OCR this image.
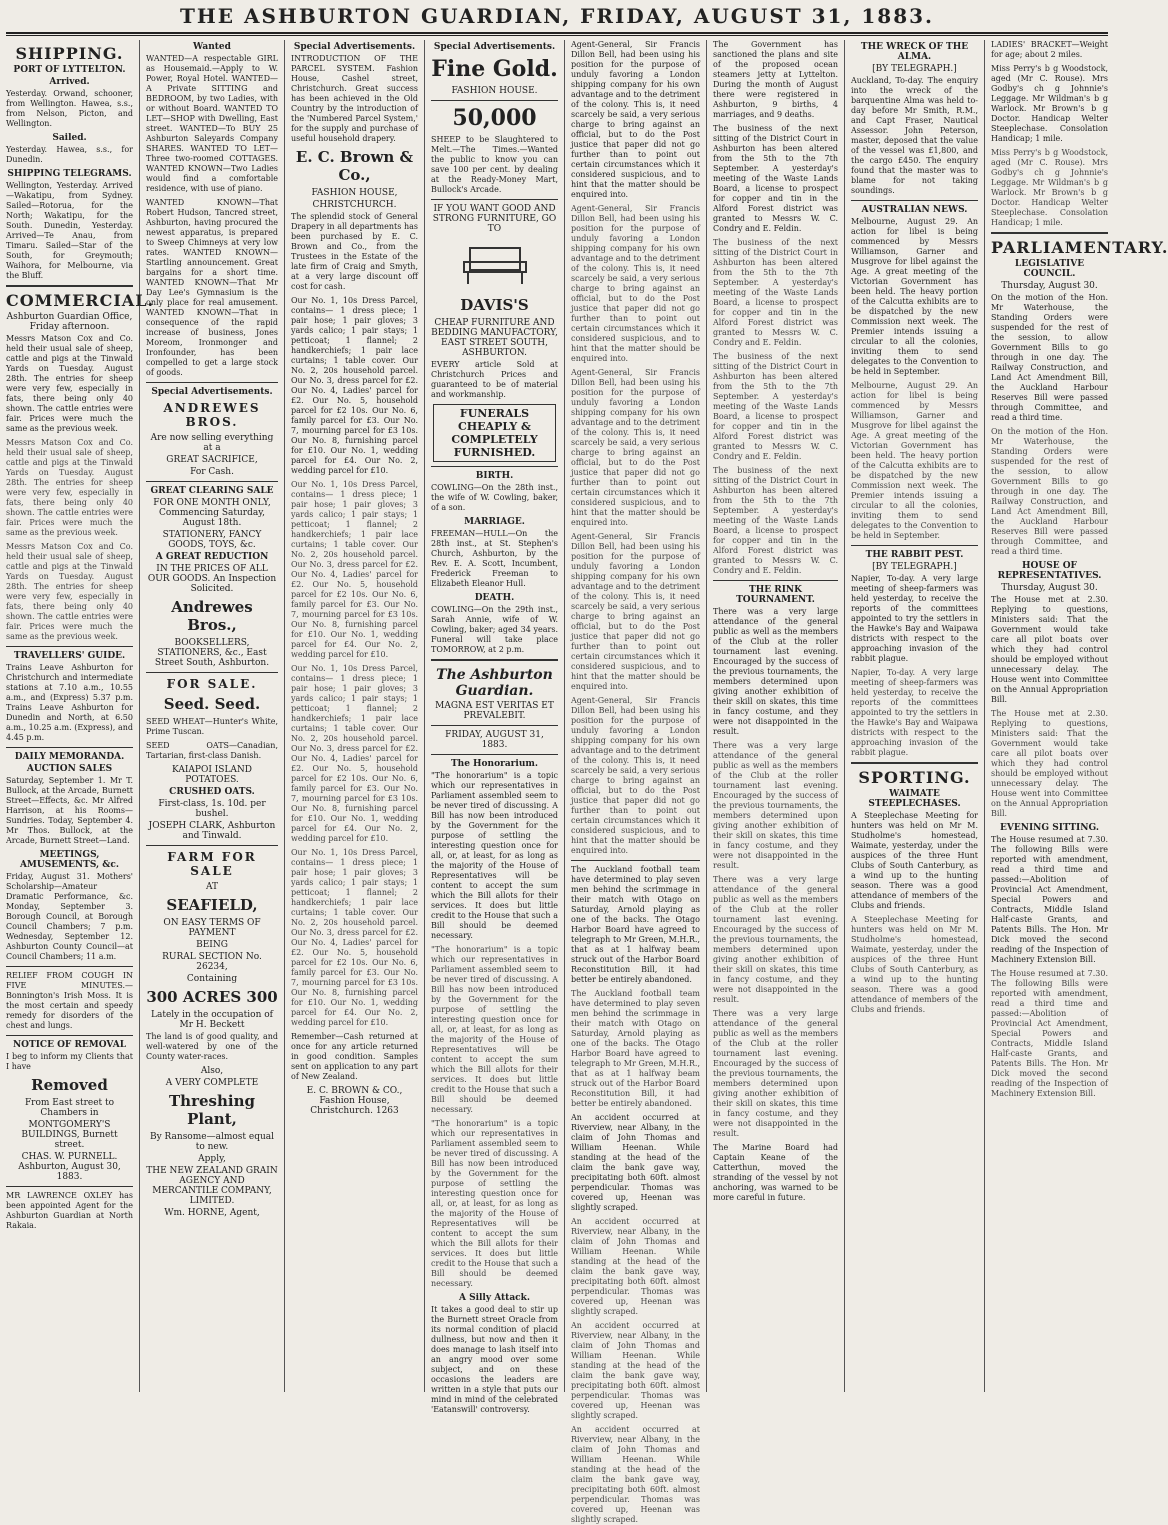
THE ASHBURTON GUARDIAN, FRIDAY, AUGUST 31, 1883.
SHIPPING.
PORT OF LYTTELTON.
Arrived.

Yesterday. Orwand, schooner, from Wellington. Hawea, s.s., from Nelson, Picton, and Wellington.

Sailed.

Yesterday. Hawea, s.s., for Dunedin.

SHIPPING TELEGRAMS.

Wellington, Yesterday. Arrived—Wakatipu, from Sydney. Sailed—Rotorua, for the North; Wakatipu, for the South. Dunedin, Yesterday. Arrived—Te Anau, from Timaru. Sailed—Star of the South, for Greymouth; Waihora, for Melbourne, via the Bluff.

COMMERCIAL.
Ashburton Guardian Office, Friday afternoon.

Messrs Matson Cox and Co. held their usual sale of sheep, cattle and pigs at the Tinwald Yards on Tuesday. August 28th. The entries for sheep were very few, especially in fats, there being only 40 shown. The cattle entries were fair. Prices were much the same as the previous week.

Messrs Matson Cox and Co. held their usual sale of sheep, cattle and pigs at the Tinwald Yards on Tuesday. August 28th. The entries for sheep were very few, especially in fats, there being only 40 shown. The cattle entries were fair. Prices were much the same as the previous week.

Messrs Matson Cox and Co. held their usual sale of sheep, cattle and pigs at the Tinwald Yards on Tuesday. August 28th. The entries for sheep were very few, especially in fats, there being only 40 shown. The cattle entries were fair. Prices were much the same as the previous week.

TRAVELLERS' GUIDE.

Trains Leave Ashburton for Christchurch and intermediate stations at 7.10 a.m., 10.55 a.m., and (Express) 5.37 p.m. Trains Leave Ashburton for Dunedin and North, at 6.50 a.m., 10.25 a.m. (Express), and 4.45 p.m.

DAILY MEMORANDA.
AUCTION SALES

Saturday, September 1. Mr T. Bullock, at the Arcade, Burnett Street—Effects, &c. Mr Alfred Harrison, at his Rooms—Sundries. Today, September 4. Mr Thos. Bullock, at the Arcade, Burnett Street—Land.

MEETINGS, AMUSEMENTS, &c.

Friday, August 31. Mothers' Scholarship—Amateur Dramatic Performance, &c. Monday, September 3. Borough Council, at Borough Council Chambers; 7 p.m. Wednesday, September 12. Ashburton County Council—at Council Chambers; 11 a.m.

RELIEF FROM COUGH IN FIVE MINUTES.—Bonnington's Irish Moss. It is the most certain and speedy remedy for disorders of the chest and lungs.

NOTICE OF REMOVAL

I beg to inform my Clients that I have

Removed
From East street to Chambers in
MONTGOMERY'S BUILDINGS, Burnett street.
CHAS. W. PURNELL. Ashburton, August 30, 1883.

MR LAWRENCE OXLEY has been appointed Agent for the Ashburton Guardian at North Rakaia.

Wanted

WANTED—A respectable GIRL as Housemaid.—Apply to W. Power, Royal Hotel. WANTED—A Private SITTING and BEDROOM, by two Ladies, with or without Board. WANTED TO LET—SHOP with Dwelling, East street. WANTED—To BUY 25 Ashburton Saleyards Company SHARES. WANTED TO LET—Three two-roomed COTTAGES. WANTED KNOWN—Two Ladies would find a comfortable residence, with use of piano.

WANTED KNOWN—That Robert Hudson, Tancred street, Ashburton, having procured the newest apparatus, is prepared to Sweep Chimneys at very low rates. WANTED KNOWN—Startling announcement. Great bargains for a short time. WANTED KNOWN—That Mr Day Lee's Gymnasium is the only place for real amusement. WANTED KNOWN—That in consequence of the rapid increase of business, Jones Moreom, Ironmonger and Ironfounder, has been compelled to get a large stock of goods.

Special Advertisements.
ANDREWES BROS.
Are now selling everything at a
GREAT SACRIFICE,
For Cash.
GREAT CLEARING SALE
FOR ONE MONTH ONLY, Commencing Saturday, August 18th.
STATIONERY, FANCY GOODS, TOYS, &c.
A GREAT REDUCTION
IN THE PRICES OF ALL OUR GOODS. An Inspection Solicited.
Andrewes Bros.,
BOOKSELLERS, STATIONERS, &c., East Street South, Ashburton.
FOR SALE.
Seed. Seed.

SEED WHEAT—Hunter's White, Prime Tuscan.

SEED OATS—Canadian, Tartarian, first-class Danish.

KAIAPOI ISLAND POTATOES.
CRUSHED OATS.
First-class, 1s. 10d. per bushel.
JOSEPH CLARK, Ashburton and Tinwald.
FARM FOR SALE
AT
SEAFIELD,
ON EASY TERMS OF PAYMENT
BEING
RURAL SECTION No. 26234,
Containing
300 ACRES 300
Lately in the occupation of Mr H. Beckett

The land is of good quality, and well-watered by one of the County water-races.

Also,
A VERY COMPLETE
Threshing Plant,
By Ransome—almost equal to new.
Apply,
THE NEW ZEALAND GRAIN AGENCY AND MERCANTILE COMPANY, LIMITED.
Wm. HORNE, Agent,
Special Advertisements.

INTRODUCTION OF THE PARCEL SYSTEM. Fashion House, Cashel street, Christchurch. Great success has been achieved in the Old Country by the introduction of the 'Numbered Parcel System,' for the supply and purchase of useful household drapery.

E. C. Brown & Co.,
FASHION HOUSE,
CHRISTCHURCH.

The splendid stock of General Drapery in all departments has been purchased by E. C. Brown and Co., from the Trustees in the Estate of the late firm of Craig and Smyth, at a very large discount off cost for cash.

Our No. 1, 10s Dress Parcel, contains— 1 dress piece; 1 pair hose; 1 pair gloves; 3 yards calico; 1 pair stays; 1 petticoat; 1 flannel; 2 handkerchiefs; 1 pair lace curtains; 1 table cover. Our No. 2, 20s household parcel. Our No. 3, dress parcel for £2. Our No. 4, Ladies' parcel for £2. Our No. 5, household parcel for £2 10s. Our No. 6, family parcel for £3. Our No. 7, mourning parcel for £3 10s. Our No. 8, furnishing parcel for £10. Our No. 1, wedding parcel for £4. Our No. 2, wedding parcel for £10.

Our No. 1, 10s Dress Parcel, contains— 1 dress piece; 1 pair hose; 1 pair gloves; 3 yards calico; 1 pair stays; 1 petticoat; 1 flannel; 2 handkerchiefs; 1 pair lace curtains; 1 table cover. Our No. 2, 20s household parcel. Our No. 3, dress parcel for £2. Our No. 4, Ladies' parcel for £2. Our No. 5, household parcel for £2 10s. Our No. 6, family parcel for £3. Our No. 7, mourning parcel for £3 10s. Our No. 8, furnishing parcel for £10. Our No. 1, wedding parcel for £4. Our No. 2, wedding parcel for £10.

Our No. 1, 10s Dress Parcel, contains— 1 dress piece; 1 pair hose; 1 pair gloves; 3 yards calico; 1 pair stays; 1 petticoat; 1 flannel; 2 handkerchiefs; 1 pair lace curtains; 1 table cover. Our No. 2, 20s household parcel. Our No. 3, dress parcel for £2. Our No. 4, Ladies' parcel for £2. Our No. 5, household parcel for £2 10s. Our No. 6, family parcel for £3. Our No. 7, mourning parcel for £3 10s. Our No. 8, furnishing parcel for £10. Our No. 1, wedding parcel for £4. Our No. 2, wedding parcel for £10.

Our No. 1, 10s Dress Parcel, contains— 1 dress piece; 1 pair hose; 1 pair gloves; 3 yards calico; 1 pair stays; 1 petticoat; 1 flannel; 2 handkerchiefs; 1 pair lace curtains; 1 table cover. Our No. 2, 20s household parcel. Our No. 3, dress parcel for £2. Our No. 4, Ladies' parcel for £2. Our No. 5, household parcel for £2 10s. Our No. 6, family parcel for £3. Our No. 7, mourning parcel for £3 10s. Our No. 8, furnishing parcel for £10. Our No. 1, wedding parcel for £4. Our No. 2, wedding parcel for £10.

Remember—Cash returned at once for any article returned in good condition. Samples sent on application to any part of New Zealand.

E. C. BROWN & CO., Fashion House, Christchurch. 1263
Special Advertisements.
Fine Gold.
FASHION HOUSE.
50,000

SHEEP to be Slaughtered to Melt.—The Times.—Wanted the public to know you can save 100 per cent. by dealing at the Ready-Money Mart, Bullock's Arcade.

IF YOU WANT GOOD AND STRONG FURNITURE, GO TO
DAVIS'S
CHEAP FURNITURE AND BEDDING MANUFACTORY, EAST STREET SOUTH, ASHBURTON.

EVERY article Sold at Christchurch Prices and guaranteed to be of material and workmanship.

FUNERALS CHEAPLY & COMPLETELY FURNISHED.
BIRTH.

COWLING—On the 28th inst., the wife of W. Cowling, baker, of a son.

MARRIAGE.

FREEMAN—HULL—On the 28th inst., at St. Stephen's Church, Ashburton, by the Rev. E. A. Scott, Incumbent, Frederick Freeman to Elizabeth Eleanor Hull.

DEATH.

COWLING—On the 29th inst., Sarah Annie, wife of W. Cowling, baker; aged 34 years. Funeral will take place TOMORROW, at 2 p.m.

The Ashburton Guardian.
MAGNA EST VERITAS ET PREVALEBIT.
FRIDAY, AUGUST 31, 1883.
The Honorarium.

"The honorarium" is a topic which our representatives in Parliament assembled seem to be never tired of discussing. A Bill has now been introduced by the Government for the purpose of settling the interesting question once for all, or, at least, for as long as the majority of the House of Representatives will be content to accept the sum which the Bill allots for their services. It does but little credit to the House that such a Bill should be deemed necessary.

"The honorarium" is a topic which our representatives in Parliament assembled seem to be never tired of discussing. A Bill has now been introduced by the Government for the purpose of settling the interesting question once for all, or, at least, for as long as the majority of the House of Representatives will be content to accept the sum which the Bill allots for their services. It does but little credit to the House that such a Bill should be deemed necessary.

"The honorarium" is a topic which our representatives in Parliament assembled seem to be never tired of discussing. A Bill has now been introduced by the Government for the purpose of settling the interesting question once for all, or, at least, for as long as the majority of the House of Representatives will be content to accept the sum which the Bill allots for their services. It does but little credit to the House that such a Bill should be deemed necessary.

A Silly Attack.

It takes a good deal to stir up the Burnett street Oracle from its normal condition of placid dullness, but now and then it does manage to lash itself into an angry mood over some subject, and on these occasions the leaders are written in a style that puts our mind in mind of the celebrated 'Eatanswill' controversy.

Agent-General, Sir Francis Dillon Bell, had been using his position for the purpose of unduly favoring a London shipping company for his own advantage and to the detriment of the colony. This is, it need scarcely be said, a very serious charge to bring against an official, but to do the Post justice that paper did not go further than to point out certain circumstances which it considered suspicious, and to hint that the matter should be enquired into.

Agent-General, Sir Francis Dillon Bell, had been using his position for the purpose of unduly favoring a London shipping company for his own advantage and to the detriment of the colony. This is, it need scarcely be said, a very serious charge to bring against an official, but to do the Post justice that paper did not go further than to point out certain circumstances which it considered suspicious, and to hint that the matter should be enquired into.

Agent-General, Sir Francis Dillon Bell, had been using his position for the purpose of unduly favoring a London shipping company for his own advantage and to the detriment of the colony. This is, it need scarcely be said, a very serious charge to bring against an official, but to do the Post justice that paper did not go further than to point out certain circumstances which it considered suspicious, and to hint that the matter should be enquired into.

Agent-General, Sir Francis Dillon Bell, had been using his position for the purpose of unduly favoring a London shipping company for his own advantage and to the detriment of the colony. This is, it need scarcely be said, a very serious charge to bring against an official, but to do the Post justice that paper did not go further than to point out certain circumstances which it considered suspicious, and to hint that the matter should be enquired into.

Agent-General, Sir Francis Dillon Bell, had been using his position for the purpose of unduly favoring a London shipping company for his own advantage and to the detriment of the colony. This is, it need scarcely be said, a very serious charge to bring against an official, but to do the Post justice that paper did not go further than to point out certain circumstances which it considered suspicious, and to hint that the matter should be enquired into.

The Auckland football team have determined to play seven men behind the scrimmage in their match with Otago on Saturday, Arnold playing as one of the backs. The Otago Harbor Board have agreed to telegraph to Mr Green, M.H.R., that as at 1 halfway beam struck out of the Harbor Board Reconstitution Bill, it had better be entirely abandoned.

The Auckland football team have determined to play seven men behind the scrimmage in their match with Otago on Saturday, Arnold playing as one of the backs. The Otago Harbor Board have agreed to telegraph to Mr Green, M.H.R., that as at 1 halfway beam struck out of the Harbor Board Reconstitution Bill, it had better be entirely abandoned.

An accident occurred at Riverview, near Albany, in the claim of John Thomas and William Heenan. While standing at the head of the claim the bank gave way, precipitating both 60ft. almost perpendicular. Thomas was covered up, Heenan was slightly scraped.

An accident occurred at Riverview, near Albany, in the claim of John Thomas and William Heenan. While standing at the head of the claim the bank gave way, precipitating both 60ft. almost perpendicular. Thomas was covered up, Heenan was slightly scraped.

An accident occurred at Riverview, near Albany, in the claim of John Thomas and William Heenan. While standing at the head of the claim the bank gave way, precipitating both 60ft. almost perpendicular. Thomas was covered up, Heenan was slightly scraped.

An accident occurred at Riverview, near Albany, in the claim of John Thomas and William Heenan. While standing at the head of the claim the bank gave way, precipitating both 60ft. almost perpendicular. Thomas was covered up, Heenan was slightly scraped.

The Government has sanctioned the plans and site of the proposed ocean steamers jetty at Lyttelton. During the month of August there were registered in Ashburton, 9 births, 4 marriages, and 9 deaths.

The business of the next sitting of the District Court in Ashburton has been altered from the 5th to the 7th September. A yesterday's meeting of the Waste Lands Board, a license to prospect for copper and tin in the Alford Forest district was granted to Messrs W. C. Condry and E. Feldin.

The business of the next sitting of the District Court in Ashburton has been altered from the 5th to the 7th September. A yesterday's meeting of the Waste Lands Board, a license to prospect for copper and tin in the Alford Forest district was granted to Messrs W. C. Condry and E. Feldin.

The business of the next sitting of the District Court in Ashburton has been altered from the 5th to the 7th September. A yesterday's meeting of the Waste Lands Board, a license to prospect for copper and tin in the Alford Forest district was granted to Messrs W. C. Condry and E. Feldin.

The business of the next sitting of the District Court in Ashburton has been altered from the 5th to the 7th September. A yesterday's meeting of the Waste Lands Board, a license to prospect for copper and tin in the Alford Forest district was granted to Messrs W. C. Condry and E. Feldin.

THE RINK TOURNAMENT.

There was a very large attendance of the general public as well as the members of the Club at the roller tournament last evening. Encouraged by the success of the previous tournaments, the members determined upon giving another exhibition of their skill on skates, this time in fancy costume, and they were not disappointed in the result.

There was a very large attendance of the general public as well as the members of the Club at the roller tournament last evening. Encouraged by the success of the previous tournaments, the members determined upon giving another exhibition of their skill on skates, this time in fancy costume, and they were not disappointed in the result.

There was a very large attendance of the general public as well as the members of the Club at the roller tournament last evening. Encouraged by the success of the previous tournaments, the members determined upon giving another exhibition of their skill on skates, this time in fancy costume, and they were not disappointed in the result.

There was a very large attendance of the general public as well as the members of the Club at the roller tournament last evening. Encouraged by the success of the previous tournaments, the members determined upon giving another exhibition of their skill on skates, this time in fancy costume, and they were not disappointed in the result.

The Marine Board had Captain Keane of the Catterthun, moved the stranding of the vessel by not anchoring, was warned to be more careful in future.

THE WRECK OF THE ALMA.
[BY TELEGRAPH.]

Auckland, To-day. The enquiry into the wreck of the barquentine Alma was held to-day before Mr Smith, R.M., and Capt Fraser, Nautical Assessor. John Peterson, master, deposed that the value of the vessel was £1,800, and the cargo £450. The enquiry found that the master was to blame for not taking soundings.

AUSTRALIAN NEWS.

Melbourne, August 29. An action for libel is being commenced by Messrs Williamson, Garner and Musgrove for libel against the Age. A great meeting of the Victorian Government has been held. The heavy portion of the Calcutta exhibits are to be dispatched by the new Commission next week. The Premier intends issuing a circular to all the colonies, inviting them to send delegates to the Convention to be held in September.

Melbourne, August 29. An action for libel is being commenced by Messrs Williamson, Garner and Musgrove for libel against the Age. A great meeting of the Victorian Government has been held. The heavy portion of the Calcutta exhibits are to be dispatched by the new Commission next week. The Premier intends issuing a circular to all the colonies, inviting them to send delegates to the Convention to be held in September.

THE RABBIT PEST.
[BY TELEGRAPH.]

Napier, To-day. A very large meeting of sheep-farmers was held yesterday, to receive the reports of the committees appointed to try the settlers in the Hawke's Bay and Waipawa districts with respect to the approaching invasion of the rabbit plague.

Napier, To-day. A very large meeting of sheep-farmers was held yesterday, to receive the reports of the committees appointed to try the settlers in the Hawke's Bay and Waipawa districts with respect to the approaching invasion of the rabbit plague.

SPORTING.
WAIMATE STEEPLECHASES.

A Steeplechase Meeting for hunters was held on Mr M. Studholme's homestead, Waimate, yesterday, under the auspices of the three Hunt Clubs of South Canterbury, as a wind up to the hunting season. There was a good attendance of members of the Clubs and friends.

A Steeplechase Meeting for hunters was held on Mr M. Studholme's homestead, Waimate, yesterday, under the auspices of the three Hunt Clubs of South Canterbury, as a wind up to the hunting season. There was a good attendance of members of the Clubs and friends.

LADIES' BRACKET—Weight for age; about 2 miles.

Miss Perry's b g Woodstock, aged (Mr C. Rouse). Mrs Godby's ch g Johnnie's Leggage. Mr Wildman's b g Warlock. Mr Brown's b g Doctor. Handicap Welter Steeplechase. Consolation Handicap; 1 mile.

Miss Perry's b g Woodstock, aged (Mr C. Rouse). Mrs Godby's ch g Johnnie's Leggage. Mr Wildman's b g Warlock. Mr Brown's b g Doctor. Handicap Welter Steeplechase. Consolation Handicap; 1 mile.

PARLIAMENTARY.
LEGISLATIVE COUNCIL.
Thursday, August 30.

On the motion of the Hon. Mr Waterhouse, the Standing Orders were suspended for the rest of the session, to allow Government Bills to go through in one day. The Railway Construction, and Land Act Amendment Bill, the Auckland Harbour Reserves Bill were passed through Committee, and read a third time.

On the motion of the Hon. Mr Waterhouse, the Standing Orders were suspended for the rest of the session, to allow Government Bills to go through in one day. The Railway Construction, and Land Act Amendment Bill, the Auckland Harbour Reserves Bill were passed through Committee, and read a third time.

HOUSE OF REPRESENTATIVES.
Thursday, August 30.

The House met at 2.30. Replying to questions, Ministers said: That the Government would take care all pilot boats over which they had control should be employed without unnecessary delay. The House went into Committee on the Annual Appropriation Bill.

The House met at 2.30. Replying to questions, Ministers said: That the Government would take care all pilot boats over which they had control should be employed without unnecessary delay. The House went into Committee on the Annual Appropriation Bill.

EVENING SITTING.

The House resumed at 7.30. The following Bills were reported with amendment, read a third time and passed:—Abolition of Provincial Act Amendment, Special Powers and Contracts, Middle Island Half-caste Grants, and Patents Bills. The Hon. Mr Dick moved the second reading of the Inspection of Machinery Extension Bill.

The House resumed at 7.30. The following Bills were reported with amendment, read a third time and passed:—Abolition of Provincial Act Amendment, Special Powers and Contracts, Middle Island Half-caste Grants, and Patents Bills. The Hon. Mr Dick moved the second reading of the Inspection of Machinery Extension Bill.
